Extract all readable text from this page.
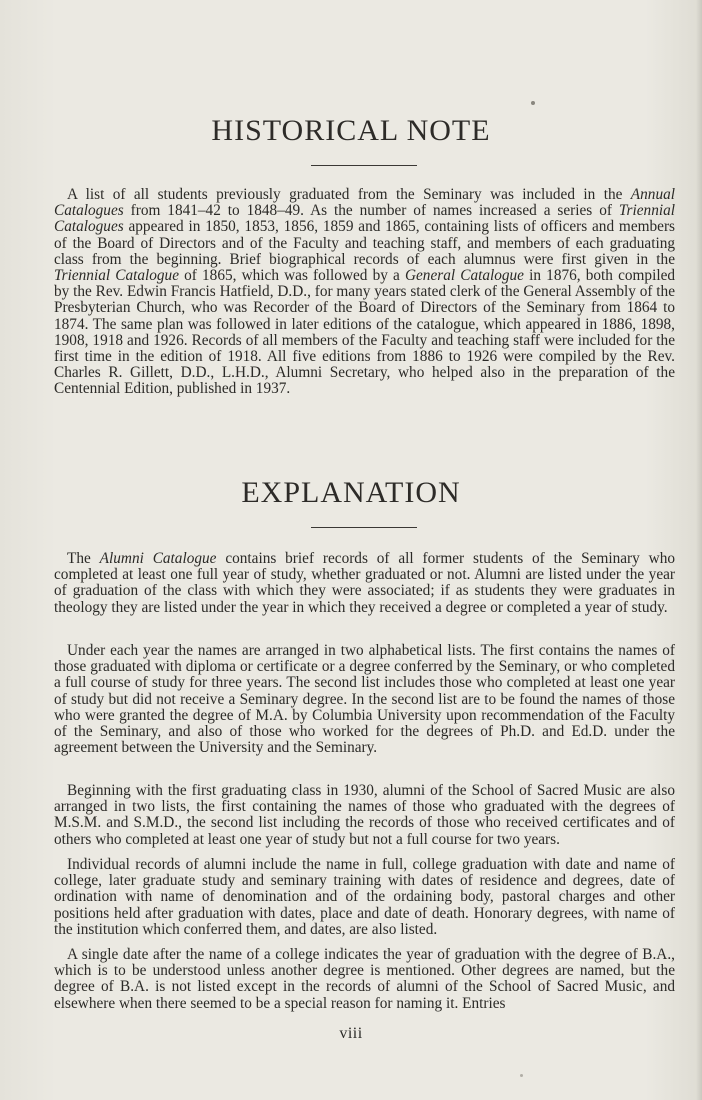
HISTORICAL NOTE

A list of all students previously graduated from the Seminary was included in the Annual Catalogues from 1841–42 to 1848–49. As the number of names increased a series of Triennial Catalogues appeared in 1850, 1853, 1856, 1859 and 1865, containing lists of officers and members of the Board of Directors and of the Faculty and teaching staff, and members of each graduating class from the beginning. Brief biographical records of each alumnus were first given in the Triennial Catalogue of 1865, which was followed by a General Catalogue in 1876, both compiled by the Rev. Edwin Francis Hatfield, D.D., for many years stated clerk of the General Assembly of the Presbyterian Church, who was Recorder of the Board of Directors of the Seminary from 1864 to 1874. The same plan was followed in later editions of the catalogue, which appeared in 1886, 1898, 1908, 1918 and 1926. Records of all members of the Faculty and teaching staff were included for the first time in the edition of 1918. All five editions from 1886 to 1926 were compiled by the Rev. Charles R. Gillett, D.D., L.H.D., Alumni Secretary, who helped also in the preparation of the Centennial Edition, published in 1937.

EXPLANATION

The Alumni Catalogue contains brief records of all former students of the Seminary who completed at least one full year of study, whether graduated or not. Alumni are listed under the year of graduation of the class with which they were associated; if as students they were graduates in theology they are listed under the year in which they received a degree or completed a year of study.

Under each year the names are arranged in two alphabetical lists. The first contains the names of those graduated with diploma or certificate or a degree conferred by the Seminary, or who completed a full course of study for three years. The second list includes those who completed at least one year of study but did not receive a Seminary degree. In the second list are to be found the names of those who were granted the degree of M.A. by Columbia University upon recommendation of the Faculty of the Seminary, and also of those who worked for the degrees of Ph.D. and Ed.D. under the agreement between the University and the Seminary.

Beginning with the first graduating class in 1930, alumni of the School of Sacred Music are also arranged in two lists, the first containing the names of those who graduated with the degrees of M.S.M. and S.M.D., the second list including the records of those who received certificates and of others who completed at least one year of study but not a full course for two years.

Individual records of alumni include the name in full, college graduation with date and name of college, later graduate study and seminary training with dates of residence and degrees, date of ordination with name of denomination and of the ordaining body, pastoral charges and other positions held after graduation with dates, place and date of death. Honorary degrees, with name of the institution which conferred them, and dates, are also listed.

A single date after the name of a college indicates the year of graduation with the degree of B.A., which is to be understood unless another degree is mentioned. Other degrees are named, but the degree of B.A. is not listed except in the records of alumni of the School of Sacred Music, and elsewhere when there seemed to be a special reason for naming it. Entries

viii
